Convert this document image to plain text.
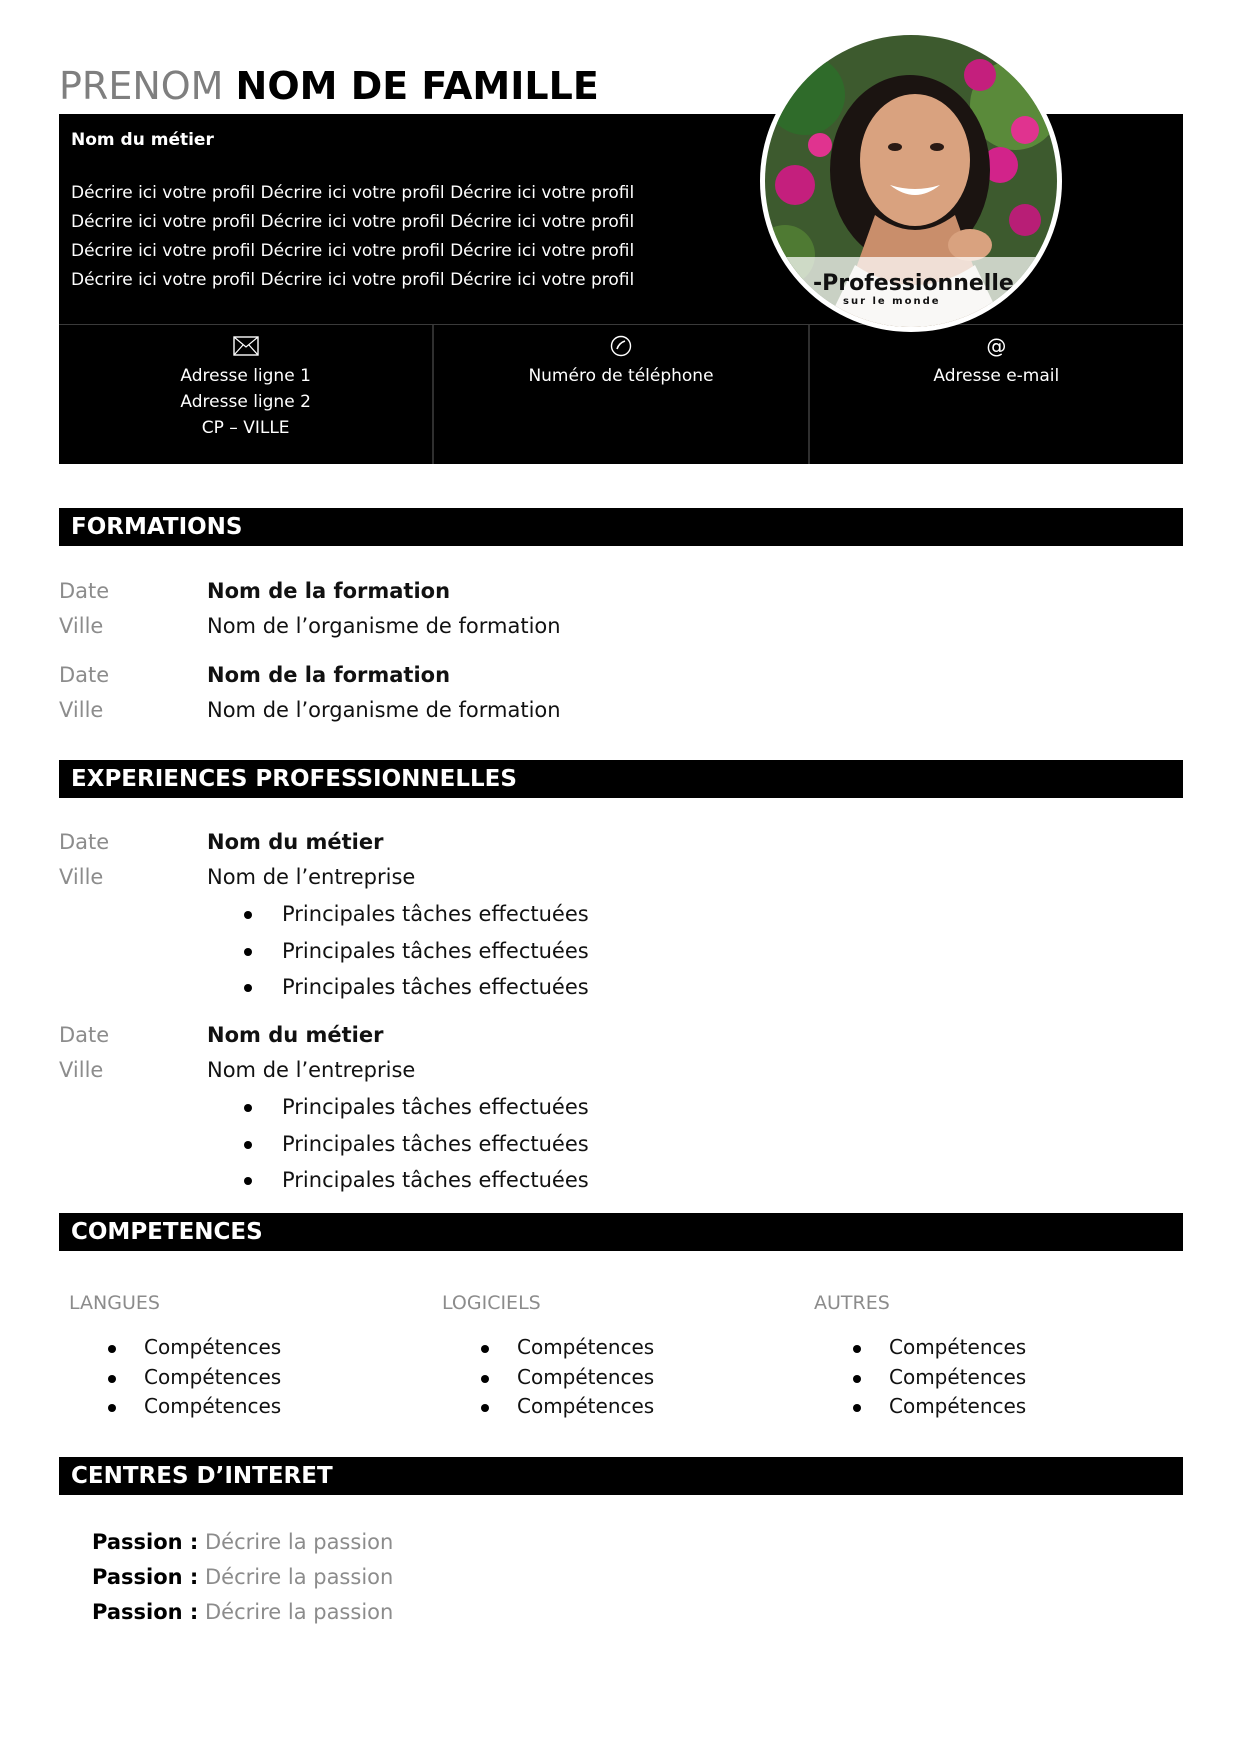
PRENOM NOM DE FAMILLE
Nom du métier
Décrire ici votre profil Décrire ici votre profil Décrire ici votre profil
Décrire ici votre profil Décrire ici votre profil Décrire ici votre profil
Décrire ici votre profil Décrire ici votre profil Décrire ici votre profil
Décrire ici votre profil Décrire ici votre profil Décrire ici votre profil
Adresse ligne 1
Adresse ligne 2
CP – VILLE
Numéro de téléphone
@
Adresse e-mail
-Professionnelle
sur le monde
FORMATIONS
Date	Nom de la formation
Ville	Nom de l’organisme de formation
Date	Nom de la formation
Ville	Nom de l’organisme de formation
EXPERIENCES PROFESSIONNELLES
Date	Nom du métier
Ville	Nom de l’entreprise
Principales tâches effectuées
Principales tâches effectuées
Principales tâches effectuées
Date	Nom du métier
Ville	Nom de l’entreprise
Principales tâches effectuées
Principales tâches effectuées
Principales tâches effectuées
COMPETENCES
LANGUES
Compétences
Compétences
Compétences
LOGICIELS
Compétences
Compétences
Compétences
AUTRES
Compétences
Compétences
Compétences
CENTRES D’INTERET
Passion : Décrire la passion
Passion : Décrire la passion
Passion : Décrire la passion
